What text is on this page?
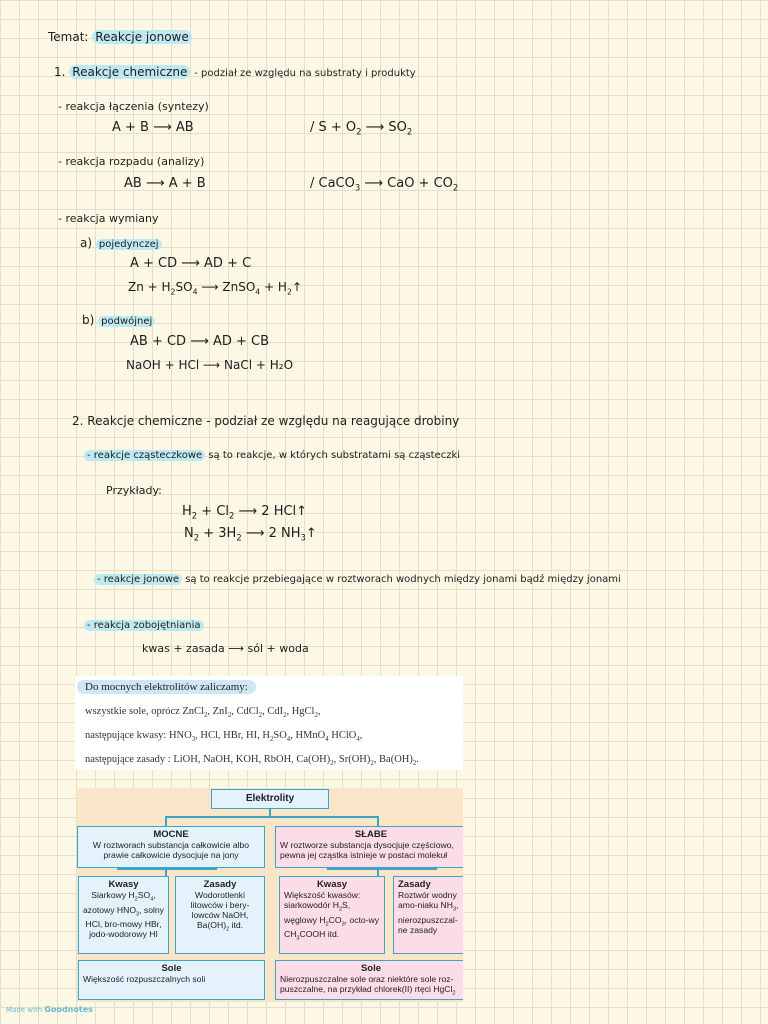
Temat: Reakcje jonowe
1. Reakcje chemiczne - podział ze względu na substraty i produkty
- reakcja łączenia (syntezy)
A + B ⟶ AB	/ $S + O_2$ ⟶ $SO_2$
- reakcja rozpadu (analizy)
AB ⟶ A + B	/ CaCO$_3$ ⟶ CaO + $CO_2$
- reakcja wymiany
a) pojedynczej
A + CD ⟶ AD + C
$Zn + H_2SO_4$ ⟶ ZnSO$_4$ + $H_2↑$
b) podwójnej
AB + CD ⟶ AD + CB
NaOH + HCl ⟶ NaCl + H₂O
2. Reakcje chemiczne - podział ze względu na reagujące drobiny
- reakcje cząsteczkowe są to reakcje, w których substratami są cząsteczki
Przykłady:
$H_2 + Cl_2$ ⟶ 2 HCl↑
$N_2 + 3H_2$ ⟶ 2 $NH_3↑$
- reakcje jonowe są to reakcje przebiegające w roztworach wodnych między jonami bądź między jonami
- reakcja zobojętniania
kwas + zasada ⟶ sól + woda
Do mocnych elektrolitów zaliczamy:
wszystkie sole, oprócz ZnCl$_2$, ZnI$_2$, CdCl$_2$, CdI$_2$, HgCl$_2$,
następujące kwasy: $HNO_3$, HCl, HBr, HI, $H_2SO_4$, HMnO$_4$ HClO$_4$,
następujące zasady : LiOH, NaOH, KOH, RbOH, $Ca(OH)_2$, $Sr(OH)_2$, $Ba(OH)_2$.
Elektrolity
MOCNE
W roztworach substancja całkowicie albo prawie całkowicie dysocjuje na jony
SŁABE
W roztworze substancja dysocjuje częściowo, pewna jej cząstka istnieje w postaci molekuł
Kwasy
Siarkowy $H_2SO_4$, azotowy $HNO_3$, solny HCl, bro-mowy HBr, jodo-wodorowy HI
Zasady
Wodorotlenki litowców i bery-lowców NaOH, $Ba(OH)_2$ itd.
Kwasy
Większość kwasów: siarkowodór $H_2S$, węglowy $H_2CO_3$, octo-wy $CH_3COOH$ itd.
Zasady
Roztwór wodny amo-niaku $NH_3$, nierozpuszczal-ne zasady
Sole
Większość rozpuszczalnych soli
Sole
Nierozpuszczalne sole oraz niektóre sole roz-puszczalne, na przykład chlorek(II) rtęci HgCl$_2$
Made with Goodnotes
